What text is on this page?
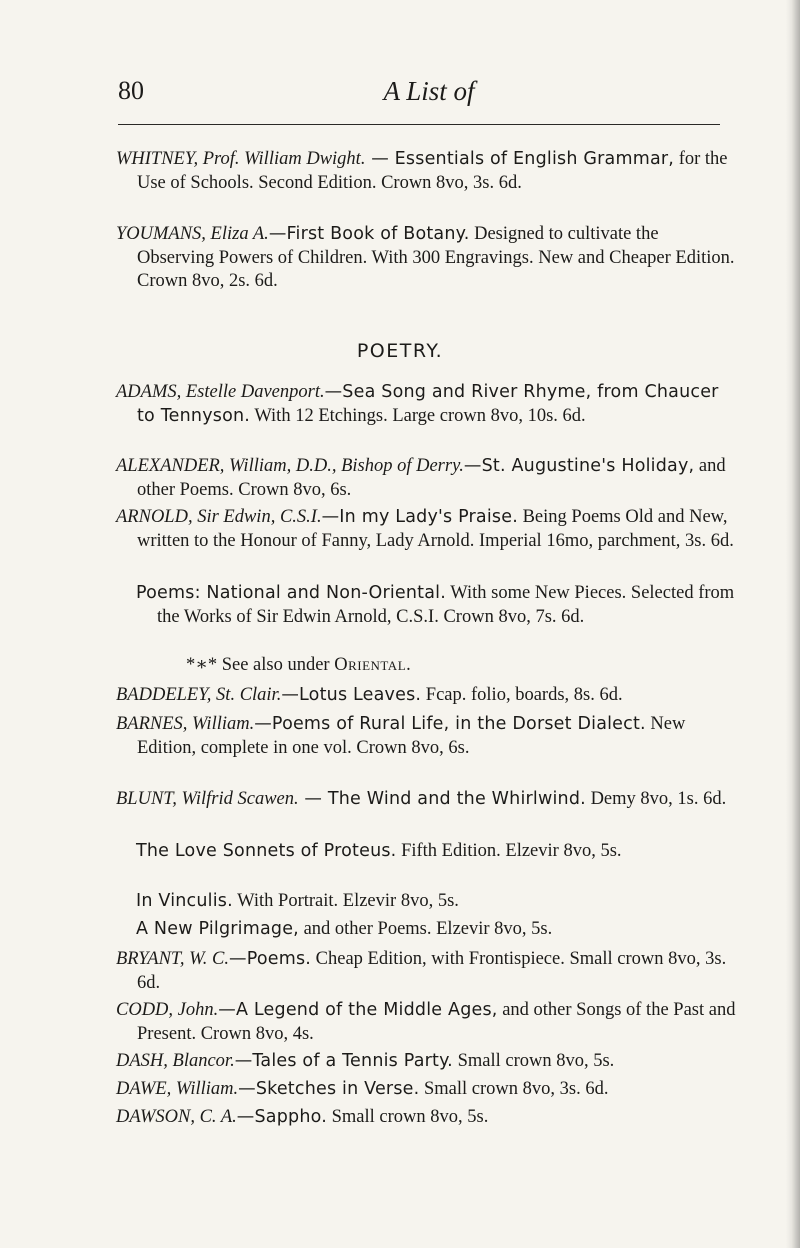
80	A List of
WHITNEY, Prof. William Dwight. — Essentials of English Grammar, for the Use of Schools. Second Edition. Crown 8vo, 3s. 6d.
YOUMANS, Eliza A.—First Book of Botany. Designed to cultivate the Observing Powers of Children. With 300 Engravings. New and Cheaper Edition. Crown 8vo, 2s. 6d.
POETRY.
ADAMS, Estelle Davenport.—Sea Song and River Rhyme, from Chaucer to Tennyson. With 12 Etchings. Large crown 8vo, 10s. 6d.
ALEXANDER, William, D.D., Bishop of Derry.—St. Augustine's Holiday, and other Poems. Crown 8vo, 6s.
ARNOLD, Sir Edwin, C.S.I.—In my Lady's Praise. Being Poems Old and New, written to the Honour of Fanny, Lady Arnold. Imperial 16mo, parchment, 3s. 6d.
Poems: National and Non-Oriental. With some New Pieces. Selected from the Works of Sir Edwin Arnold, C.S.I. Crown 8vo, 7s. 6d.
*∗* See also under Oriental.
BADDELEY, St. Clair.—Lotus Leaves. Fcap. folio, boards, 8s. 6d.
BARNES, William.—Poems of Rural Life, in the Dorset Dialect. New Edition, complete in one vol. Crown 8vo, 6s.
BLUNT, Wilfrid Scawen. — The Wind and the Whirlwind. Demy 8vo, 1s. 6d.
The Love Sonnets of Proteus. Fifth Edition. Elzevir 8vo, 5s.
In Vinculis. With Portrait. Elzevir 8vo, 5s.
A New Pilgrimage, and other Poems. Elzevir 8vo, 5s.
BRYANT, W. C.—Poems. Cheap Edition, with Frontispiece. Small crown 8vo, 3s. 6d.
CODD, John.—A Legend of the Middle Ages, and other Songs of the Past and Present. Crown 8vo, 4s.
DASH, Blancor.—Tales of a Tennis Party. Small crown 8vo, 5s.
DAWE, William.—Sketches in Verse. Small crown 8vo, 3s. 6d.
DAWSON, C. A.—Sappho. Small crown 8vo, 5s.
